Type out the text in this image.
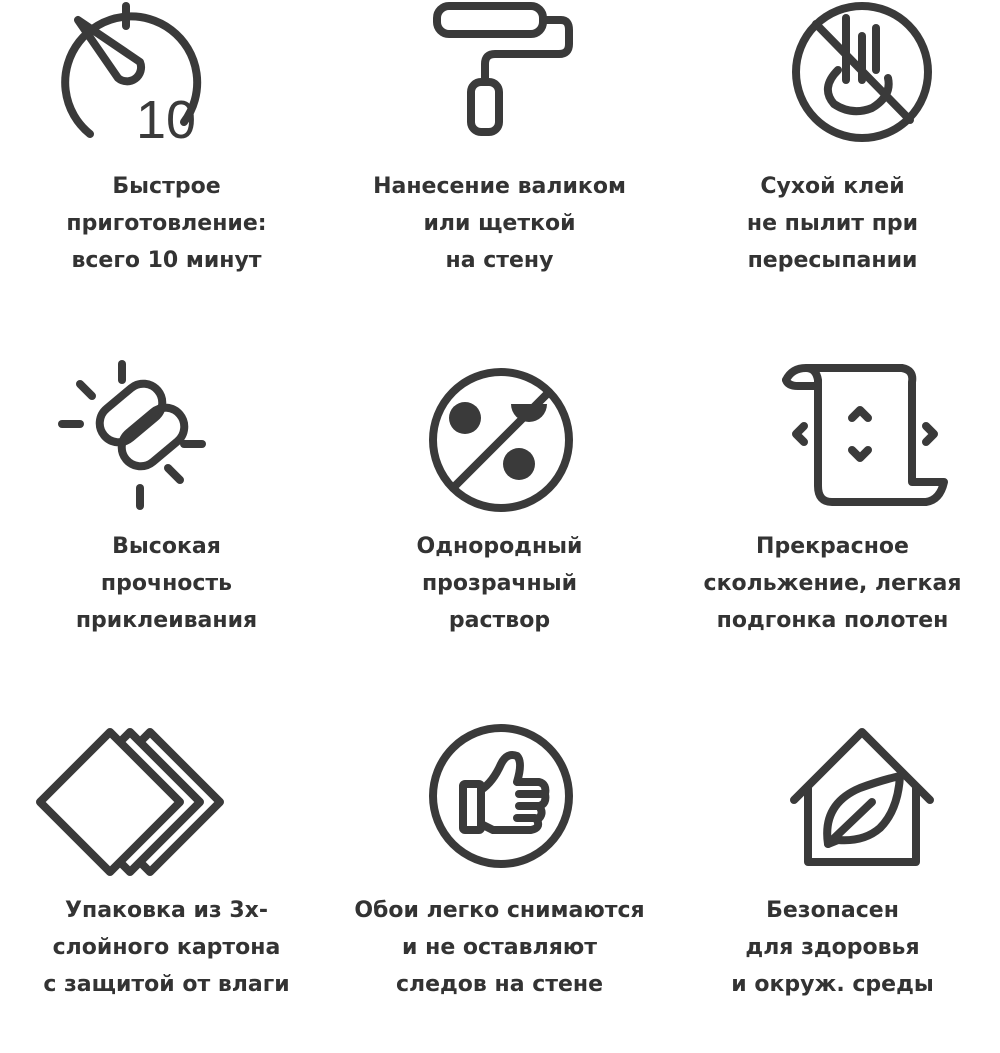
10
Быстрое
приготовление:
всего 10 минут
Нанесение валиком
или щеткой
на стену
Сухой клей
не пылит при
пересыпании
Высокая
прочность
приклеивания
Однородный
прозрачный
раствор
Прекрасное
скольжение, легкая
подгонка полотен
Упаковка из 3х-
слойного картона
с защитой от влаги
Обои легко снимаются
и не оставляют
следов на стене
Безопасен
для здоровья
и окруж. среды
